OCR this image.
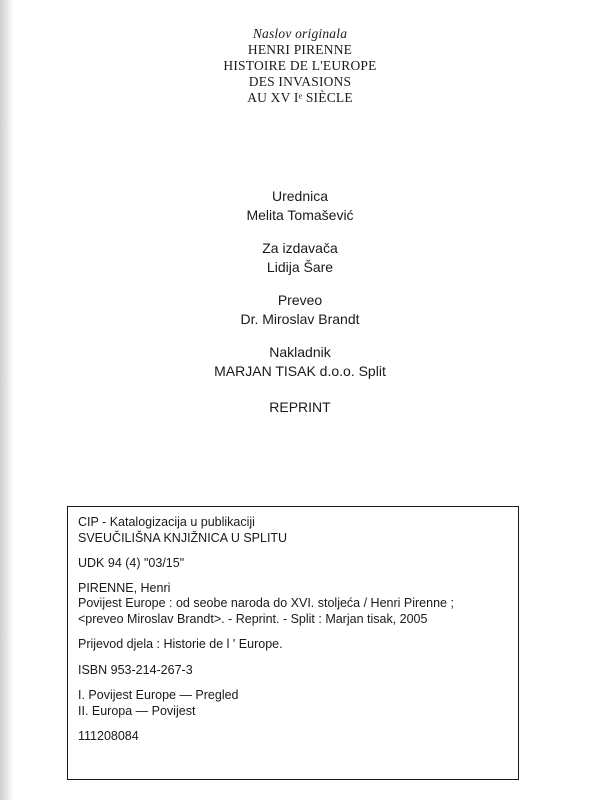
Naslov originala
HENRI PIRENNE
HISTOIRE DE L'EUROPE
DES INVASIONS
AU XV Iᵉ SIÈCLE
Urednica
Melita Tomašević
Za izdavača
Lidija Šare
Preveo
Dr. Miroslav Brandt
Nakladnik
MARJAN TISAK d.o.o. Split
REPRINT
CIP - Katalogizacija u publikaciji
SVEUČILIŠNA KNJIŽNICA U SPLITU
UDK 94 (4) "03/15"
PIRENNE, Henri
Povijest Europe : od seobe naroda do XVI. stoljeća / Henri Pirenne ;
<preveo Miroslav Brandt>. - Reprint. - Split : Marjan tisak, 2005
Prijevod djela : Historie de l ' Europe.
ISBN 953-214-267-3
I. Povijest Europe — Pregled
II. Europa — Povijest
111208084
